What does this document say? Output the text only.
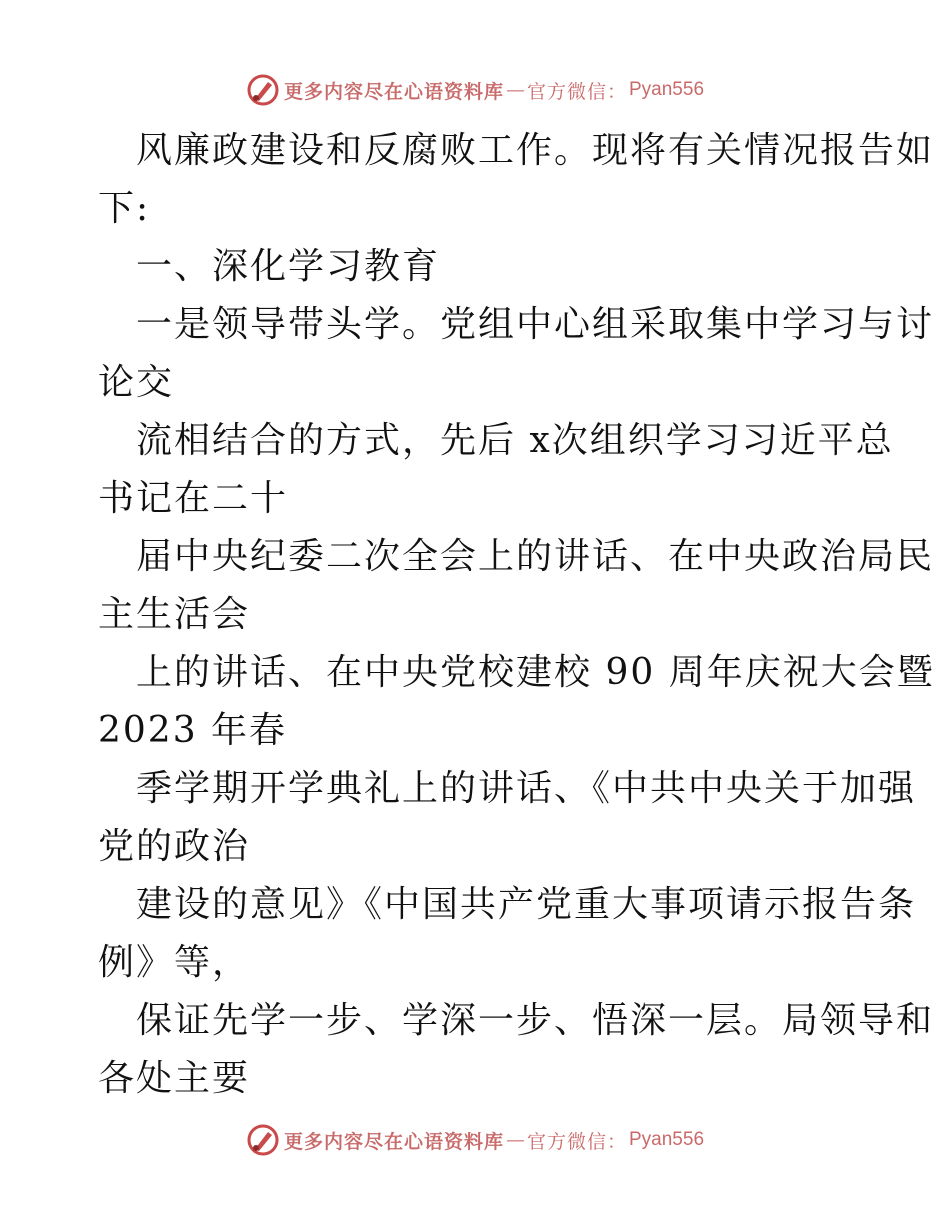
更多内容尽在心语资料库 — 官方微信： Pyan556
风廉政建设和反腐败工作。现将有关情况报告如
下:
一、深化学习教育
一是领导带头学。党组中心组采取集中学习与讨
论交
流相结合的方式，先后 x次组织学习习近平总
书记在二十
届中央纪委二次全会上的讲话、在中央政治局民
主生活会
上的讲话、在中央党校建校 90 周年庆祝大会暨
2023 年春
季学期开学典礼上的讲话、《中共中央关于加强
党的政治
建设的意见》《中国共产党重大事项请示报告条
例》等，
保证先学一步、学深一步、悟深一层。局领导和
各处主要
更多内容尽在心语资料库 — 官方微信： Pyan556
